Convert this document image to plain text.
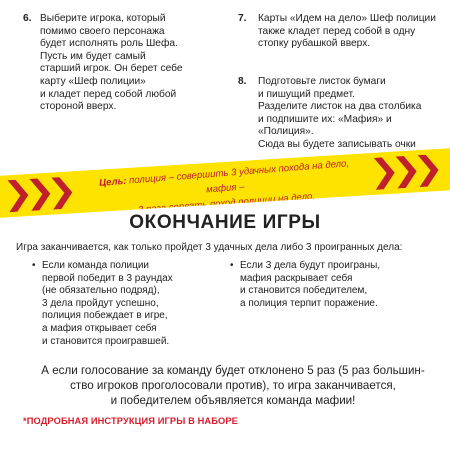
6. Выберите игрока, который
помимо своего персонажа
будет исполнять роль Шефа.
Пусть им будет самый
старший игрок. Он берет себе
карту «Шеф полиции»
и кладет перед собой любой
стороной вверх.
7. Карты «Идем на дело» Шеф полиции
также кладет перед собой в одну
стопку рубашкой вверх.
8. Подготовьте листок бумаги
и пишущий предмет.
Разделите листок на два столбика
и подпишите их: «Мафия» и «Полиция».
Сюда вы будете записывать очки
Цель: полиция – совершить 3 удачных похода на дело, мафия –
3 раза сорвать поход полиции на дело.
ОКОНЧАНИЕ ИГРЫ
Игра заканчивается, как только пройдет 3 удачных дела либо 3 проигранных дела:
• Если команда полиции
первой победит в 3 раундах
(не обязательно подряд),
3 дела пройдут успешно,
полиция побеждает в игре,
а мафия открывает себя
и становится проигравшей.
• Если 3 дела будут проиграны,
мафия раскрывает себя
и становится победителем,
а полиция терпит поражение.
А если голосование за команду будет отклонено 5 раз (5 раз большин-
ство игроков проголосовали против), то игра заканчивается,
и победителем объявляется команда мафии!
*ПОДРОБНАЯ ИНСТРУКЦИЯ ИГРЫ В НАБОРЕ
